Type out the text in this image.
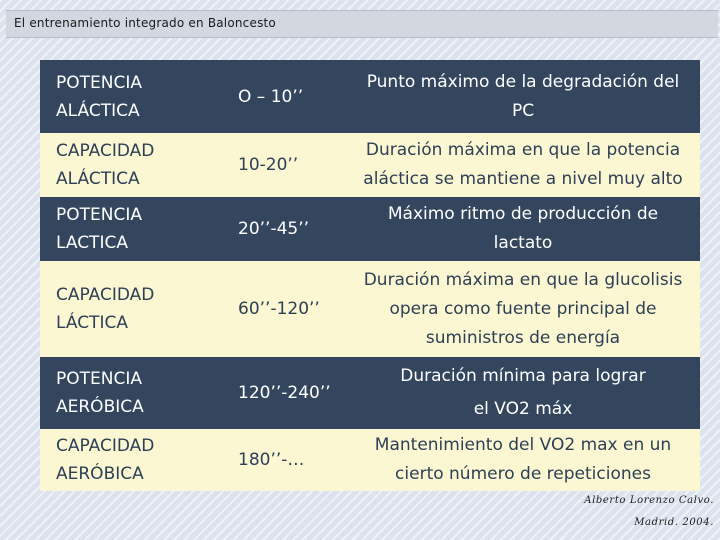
El entrenamiento integrado en Baloncesto
POTENCIA
ALÁCTICA
O – 10’’
Punto máximo de la degradación del
PC
CAPACIDAD
ALÁCTICA
10-20’’
Duración máxima en que la potencia
aláctica se mantiene a nivel muy alto
POTENCIA
LACTICA
20’’-45’’
Máximo ritmo de producción de
lactato
CAPACIDAD
LÁCTICA
60’’-120’’
Duración máxima en que la glucolisis
opera como fuente principal de
suministros de energía
POTENCIA
AERÓBICA
120’’-240’’
Duración mínima para lograr
el VO2 máx
CAPACIDAD
AERÓBICA
180’’-…
Mantenimiento del VO2 max en un
cierto número de repeticiones
Alberto Lorenzo Calvo.
Madrid. 2004.
